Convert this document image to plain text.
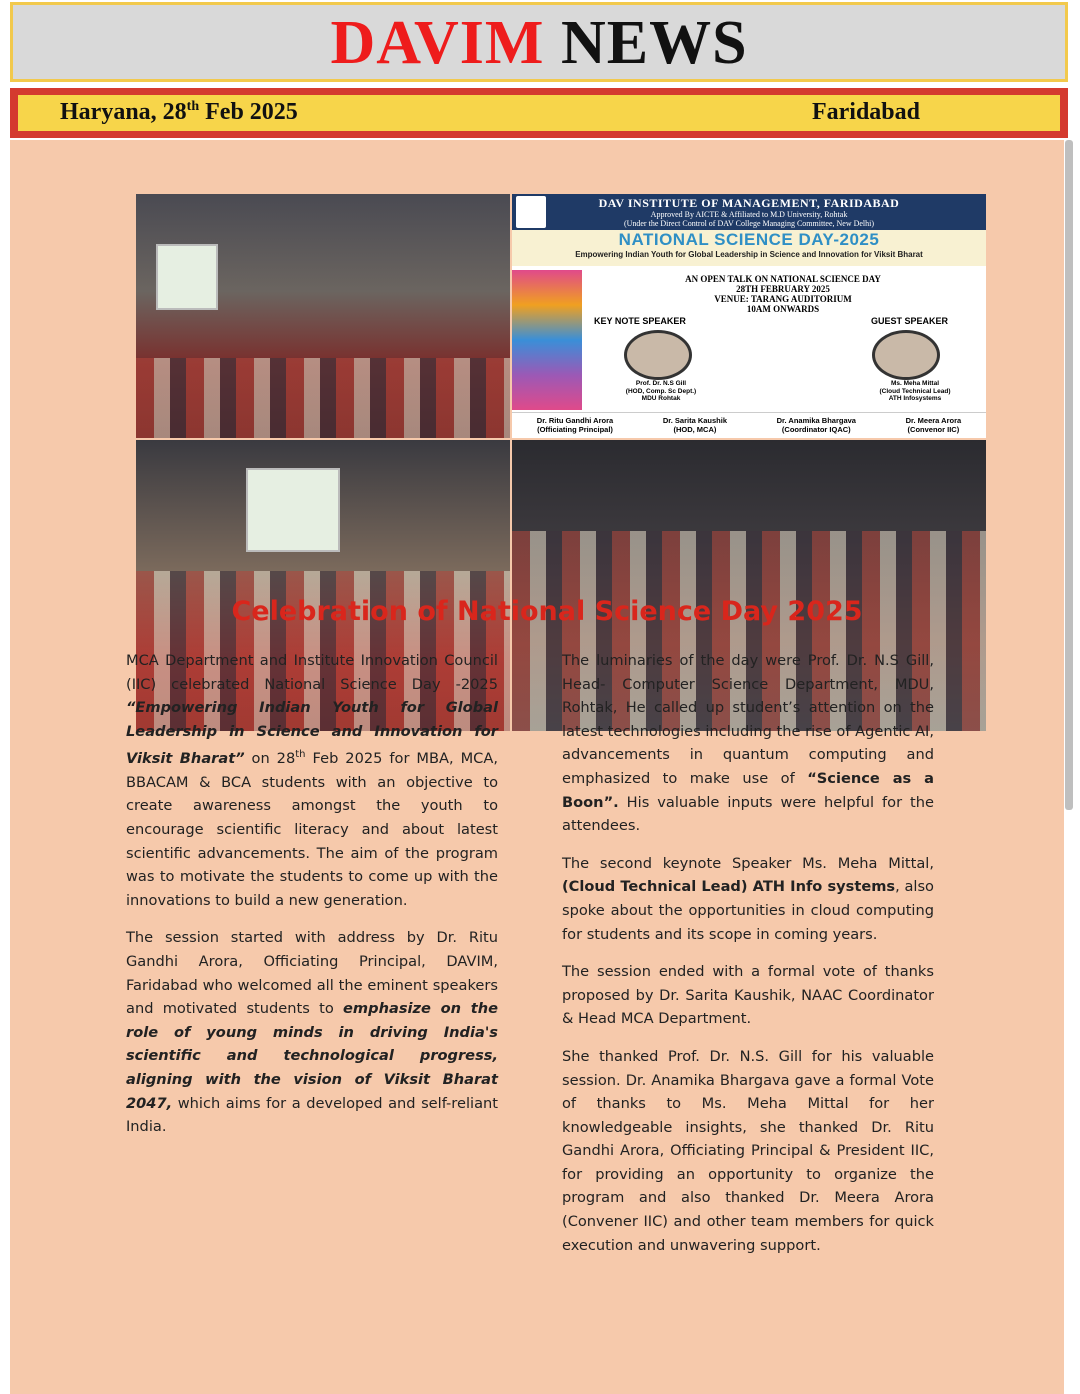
DAVIM NEWS
Haryana, 28th Feb 2025	Faridabad
DAV INSTITUTE OF MANAGEMENT, FARIDABAD
Approved By AICTE & Affiliated to M.D University, Rohtak
(Under the Direct Control of DAV College Managing Committee, New Delhi)
NATIONAL SCIENCE DAY-2025
Empowering Indian Youth for Global Leadership in Science and Innovation for Viksit Bharat
AN OPEN TALK ON NATIONAL SCIENCE DAY
28TH FEBRUARY 2025
VENUE: TARANG AUDITORIUM
10AM ONWARDS
KEY NOTE SPEAKER	GUEST SPEAKER
Prof. Dr. N.S Gill
(HOD, Comp. Sc Dept.)
MDU Rohtak
Ms. Meha Mittal
(Cloud Technical Lead)
ATH Infosystems
Dr. Ritu Gandhi Arora
(Officiating Principal)
Dr. Sarita Kaushik
(HOD, MCA)
Dr. Anamika Bhargava
(Coordinator IQAC)
Dr. Meera Arora
(Convenor IIC)
Celebration of National Science Day 2025

MCA Department and Institute Innovation Council (IIC) celebrated National Science Day -2025 “Empowering Indian Youth for Global Leadership in Science and Innovation for Viksit Bharat” on 28th Feb 2025 for MBA, MCA, BBACAM & BCA students with an objective to create awareness amongst the youth to encourage scientific literacy and about latest scientific advancements. The aim of the program was to motivate the students to come up with the innovations to build a new generation.

The session started with address by Dr. Ritu Gandhi Arora, Officiating Principal, DAVIM, Faridabad who welcomed all the eminent speakers and motivated students to emphasize on the role of young minds in driving India's scientific and technological progress, aligning with the vision of Viksit Bharat 2047, which aims for a developed and self-reliant India.

The luminaries of the day were Prof. Dr. N.S Gill, Head- Computer Science Department, MDU, Rohtak, He called up student’s attention on the latest technologies including the rise of Agentic AI, advancements in quantum computing and emphasized to make use of “Science as a Boon”. His valuable inputs were helpful for the attendees.

The second keynote Speaker Ms. Meha Mittal, (Cloud Technical Lead) ATH Info systems, also spoke about the opportunities in cloud computing for students and its scope in coming years.

The session ended with a formal vote of thanks proposed by Dr. Sarita Kaushik, NAAC Coordinator & Head MCA Department.

She thanked Prof. Dr. N.S. Gill for his valuable session. Dr. Anamika Bhargava gave a formal Vote of thanks to Ms. Meha Mittal for her knowledgeable insights, she thanked Dr. Ritu Gandhi Arora, Officiating Principal & President IIC, for providing an opportunity to organize the program and also thanked Dr. Meera Arora (Convener IIC) and other team members for quick execution and unwavering support.
